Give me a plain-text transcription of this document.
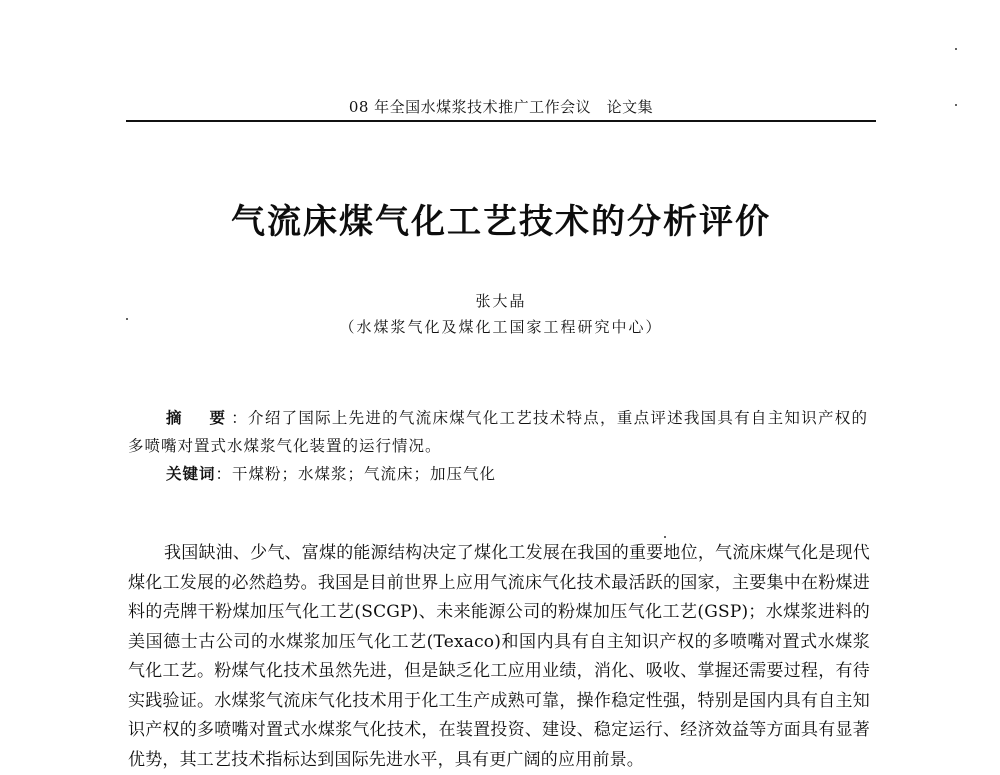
08 年全国水煤浆技术推广工作会议　论文集
气流床煤气化工艺技术的分析评价
张大晶
（水煤浆气化及煤化工国家工程研究中心）
摘　要：介绍了国际上先进的气流床煤气化工艺技术特点，重点评述我国具有自主知识产权的多喷嘴对置式水煤浆气化装置的运行情况。
关键词：干煤粉；水煤浆；气流床；加压气化
我国缺油、少气、富煤的能源结构决定了煤化工发展在我国的重要地位，气流床煤气化是现代煤化工发展的必然趋势。我国是目前世界上应用气流床气化技术最活跃的国家，主要集中在粉煤进料的壳牌干粉煤加压气化工艺(SCGP)、未来能源公司的粉煤加压气化工艺(GSP)；水煤浆进料的美国德士古公司的水煤浆加压气化工艺(Texaco)和国内具有自主知识产权的多喷嘴对置式水煤浆气化工艺。粉煤气化技术虽然先进，但是缺乏化工应用业绩，消化、吸收、掌握还需要过程，有待实践验证。水煤浆气流床气化技术用于化工生产成熟可靠，操作稳定性强，特别是国内具有自主知识产权的多喷嘴对置式水煤浆气化技术，在装置投资、建设、稳定运行、经济效益等方面具有显著优势，其工艺技术指标达到国际先进水平，具有更广阔的应用前景。
